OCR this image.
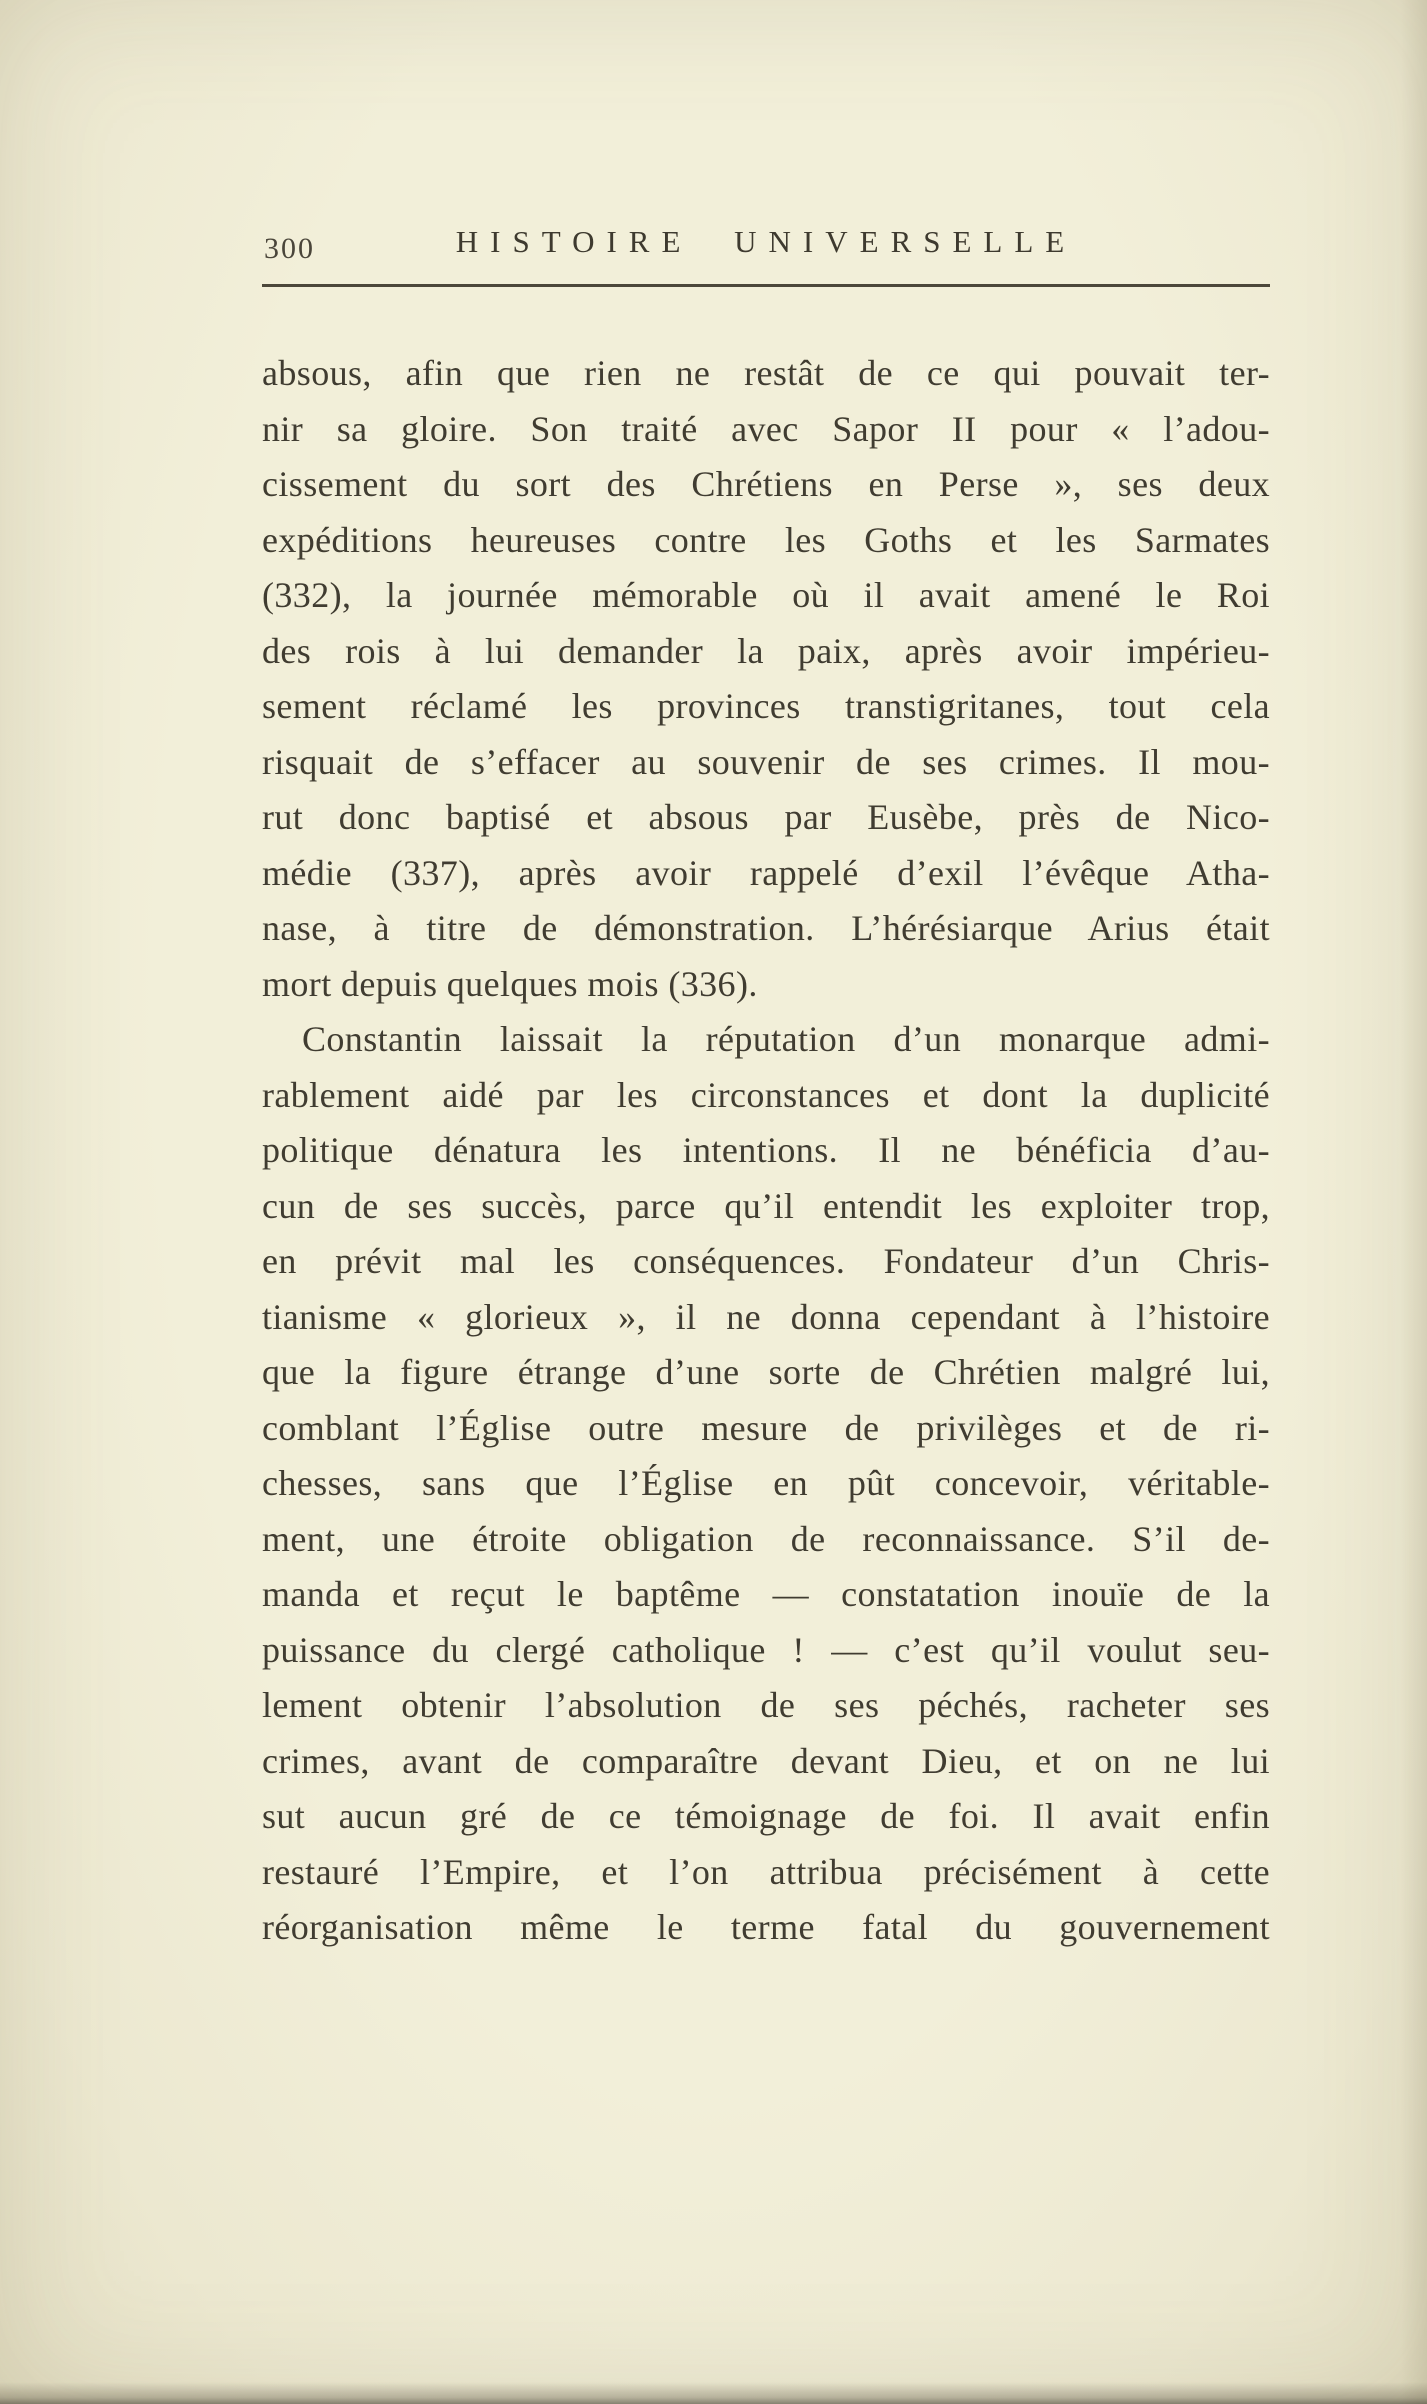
300	HISTOIRE UNIVERSELLE
absous, afin que rien ne restât de ce qui pouvait ter-
nir sa gloire. Son traité avec Sapor II pour « l’adou-
cissement du sort des Chrétiens en Perse », ses deux
expéditions heureuses contre les Goths et les Sarmates
(332), la journée mémorable où il avait amené le Roi
des rois à lui demander la paix, après avoir impérieu-
sement réclamé les provinces transtigritanes, tout cela
risquait de s’effacer au souvenir de ses crimes. Il mou-
rut donc baptisé et absous par Eusèbe, près de Nico-
médie (337), après avoir rappelé d’exil l’évêque Atha-
nase, à titre de démonstration. L’hérésiarque Arius était
mort depuis quelques mois (336).
Constantin laissait la réputation d’un monarque admi-
rablement aidé par les circonstances et dont la duplicité
politique dénatura les intentions. Il ne bénéficia d’au-
cun de ses succès, parce qu’il entendit les exploiter trop,
en prévit mal les conséquences. Fondateur d’un Chris-
tianisme « glorieux », il ne donna cependant à l’histoire
que la figure étrange d’une sorte de Chrétien malgré lui,
comblant l’Église outre mesure de privilèges et de ri-
chesses, sans que l’Église en pût concevoir, véritable-
ment, une étroite obligation de reconnaissance. S’il de-
manda et reçut le baptême — constatation inouïe de la
puissance du clergé catholique ! — c’est qu’il voulut seu-
lement obtenir l’absolution de ses péchés, racheter ses
crimes, avant de comparaître devant Dieu, et on ne lui
sut aucun gré de ce témoignage de foi. Il avait enfin
restauré l’Empire, et l’on attribua précisément à cette
réorganisation même le terme fatal du gouvernement
